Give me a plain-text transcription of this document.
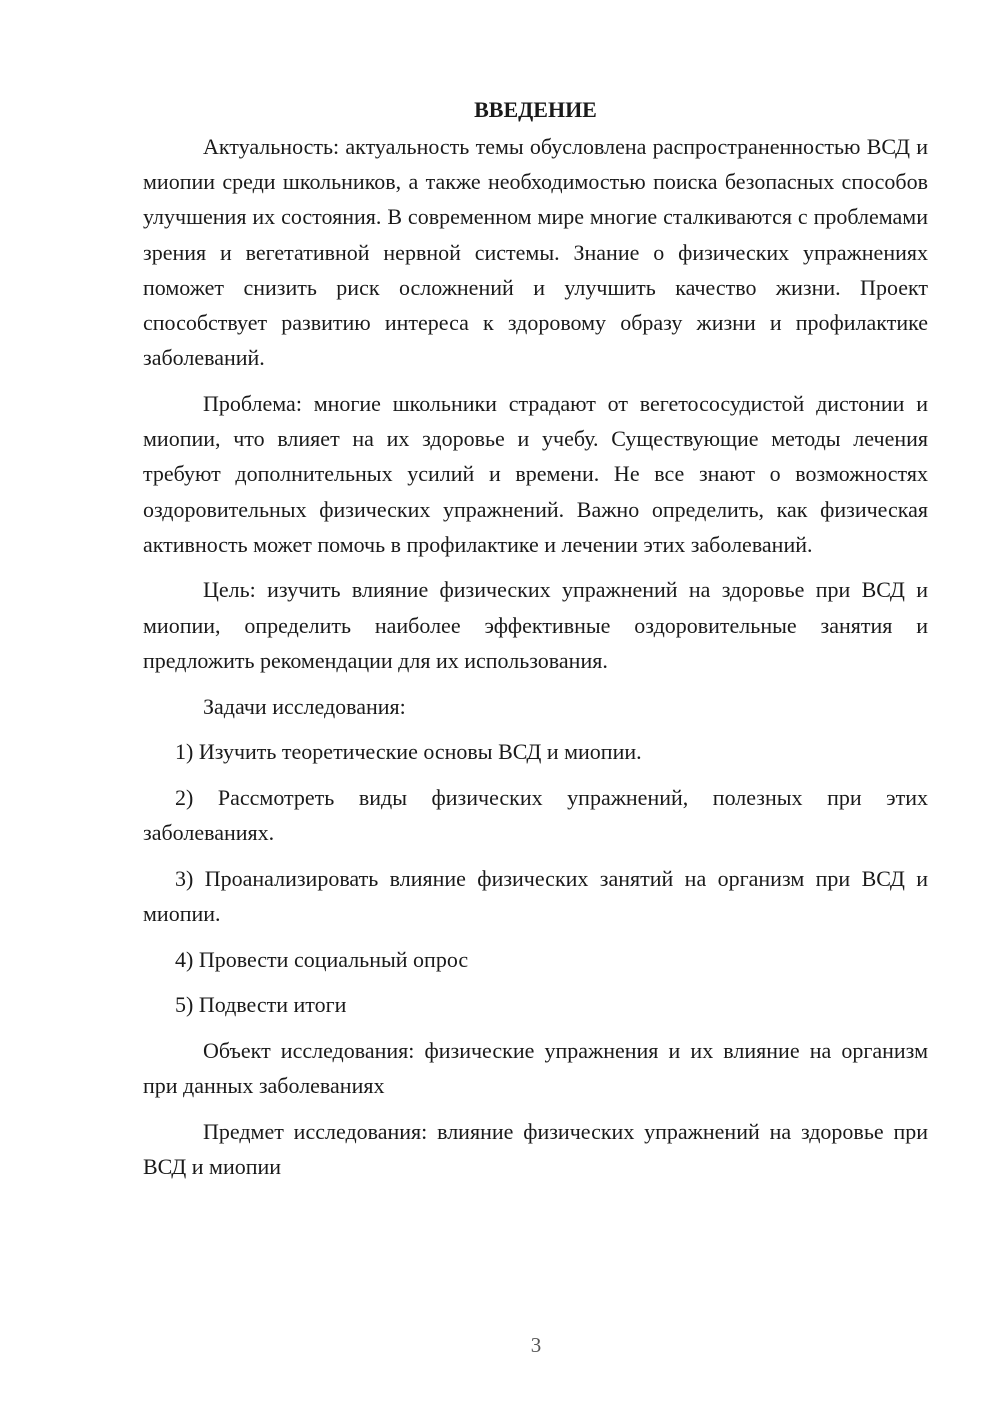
ВВЕДЕНИЕ

Актуальность: актуальность темы обусловлена распространенностью ВСД и миопии среди школьников, а также необходимостью поиска безопасных способов улучшения их состояния. В современном мире многие сталкиваются с проблемами зрения и вегетативной нервной системы. Знание о физических упражнениях поможет снизить риск осложнений и улучшить качество жизни. Проект способствует развитию интереса к здоровому образу жизни и профилактике заболеваний.

Проблема: многие школьники страдают от вегетососудистой дистонии и миопии, что влияет на их здоровье и учебу. Существующие методы лечения требуют дополнительных усилий и времени. Не все знают о возможностях оздоровительных физических упражнений. Важно определить, как физическая активность может помочь в профилактике и лечении этих заболеваний.

Цель: изучить влияние физических упражнений на здоровье при ВСД и миопии, определить наиболее эффективные оздоровительные занятия и предложить рекомендации для их использования.

Задачи исследования:

1) Изучить теоретические основы ВСД и миопии.

2) Рассмотреть виды физических упражнений, полезных при этих заболеваниях.

3) Проанализировать влияние физических занятий на организм при ВСД и миопии.

4) Провести социальный опрос

5) Подвести итоги

Объект исследования: физические упражнения и их влияние на организм при данных заболеваниях

Предмет исследования: влияние физических упражнений на здоровье при ВСД и миопии

3
